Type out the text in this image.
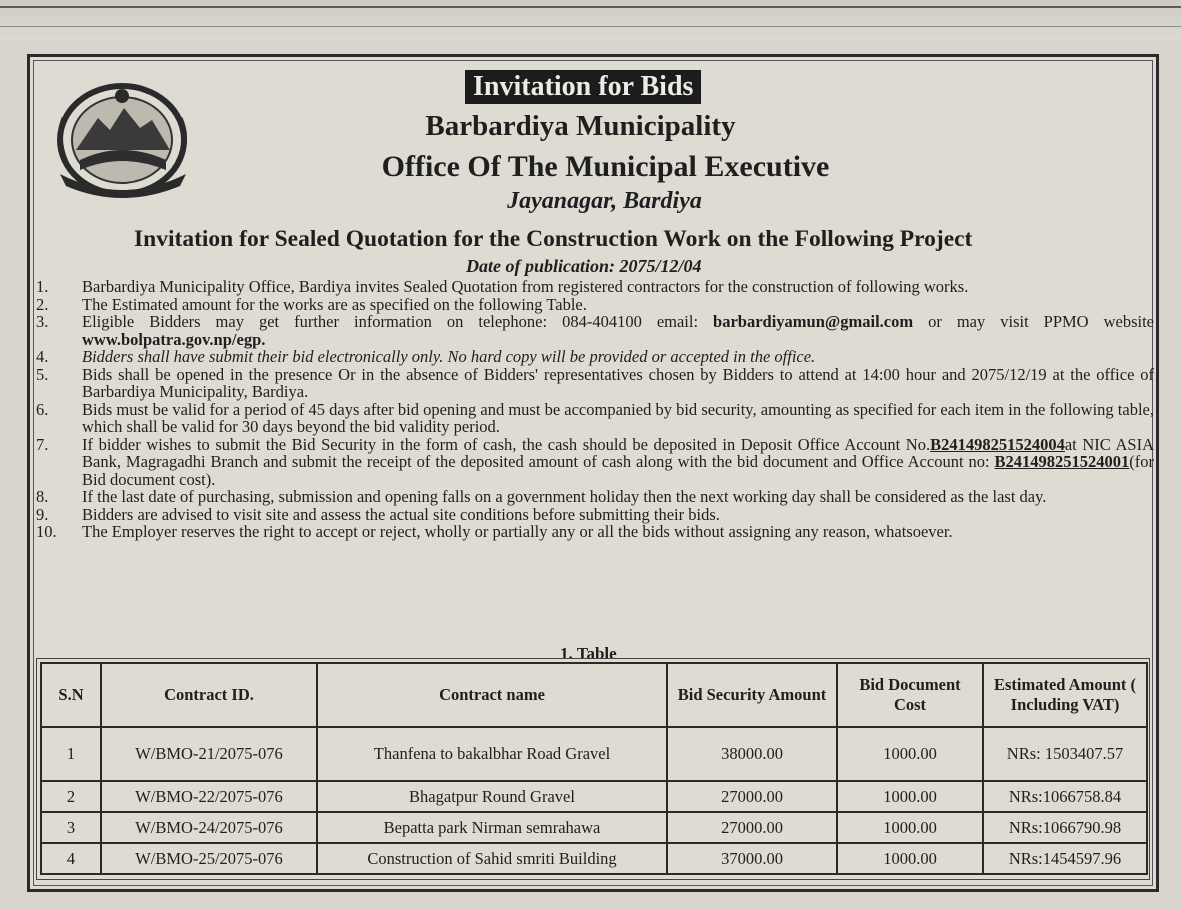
Invitation for Bids
Barbardiya Municipality
Office Of The Municipal Executive
Jayanagar, Bardiya
Invitation for Sealed Quotation for the Construction Work on the Following Project
Date of publication: 2075/12/04
1.	Barbardiya Municipality Office, Bardiya invites Sealed Quotation from registered contractors for the construction of following works.
2.	The Estimated amount for the works are as specified on the following Table.
3.	Eligible Bidders may get further information on telephone: 084-404100 email: barbardiyamun@gmail.com or may visit PPMO website www.bolpatra.gov.np/egp.
4.	Bidders shall have submit their bid electronically only. No hard copy will be provided or accepted in the office.
5.	Bids shall be opened in the presence Or in the absence of Bidders' representatives chosen by Bidders to attend at 14:00 hour and 2075/12/19 at the office of Barbardiya Municipality, Bardiya.
6.	Bids must be valid for a period of 45 days after bid opening and must be accompanied by bid security, amounting as specified for each item in the following table, which shall be valid for 30 days beyond the bid validity period.
7.	If bidder wishes to submit the Bid Security in the form of cash, the cash should be deposited in Deposit Office Account No.B241498251524004at NIC ASIA Bank, Magragadhi Branch and submit the receipt of the deposited amount of cash along with the bid document and Office Account no: B241498251524001(for Bid document cost).
8.	If the last date of purchasing, submission and opening falls on a government holiday then the next working day shall be considered as the last day.
9.	Bidders are advised to visit site and assess the actual site conditions before submitting their bids.
10.	The Employer reserves the right to accept or reject, wholly or partially any or all the bids without assigning any reason, whatsoever.
1. Table
S.N	Contract ID.	Contract name	Bid Security Amount	Bid Document Cost	Estimated Amount ( Including VAT)
1	W/BMO-21/2075-076	Thanfena to bakalbhar Road Gravel	38000.00	1000.00	NRs: 1503407.57
2	W/BMO-22/2075-076	Bhagatpur Round Gravel	27000.00	1000.00	NRs:1066758.84
3	W/BMO-24/2075-076	Bepatta park Nirman semrahawa	27000.00	1000.00	NRs:1066790.98
4	W/BMO-25/2075-076	Construction of Sahid smriti Building	37000.00	1000.00	NRs:1454597.96
